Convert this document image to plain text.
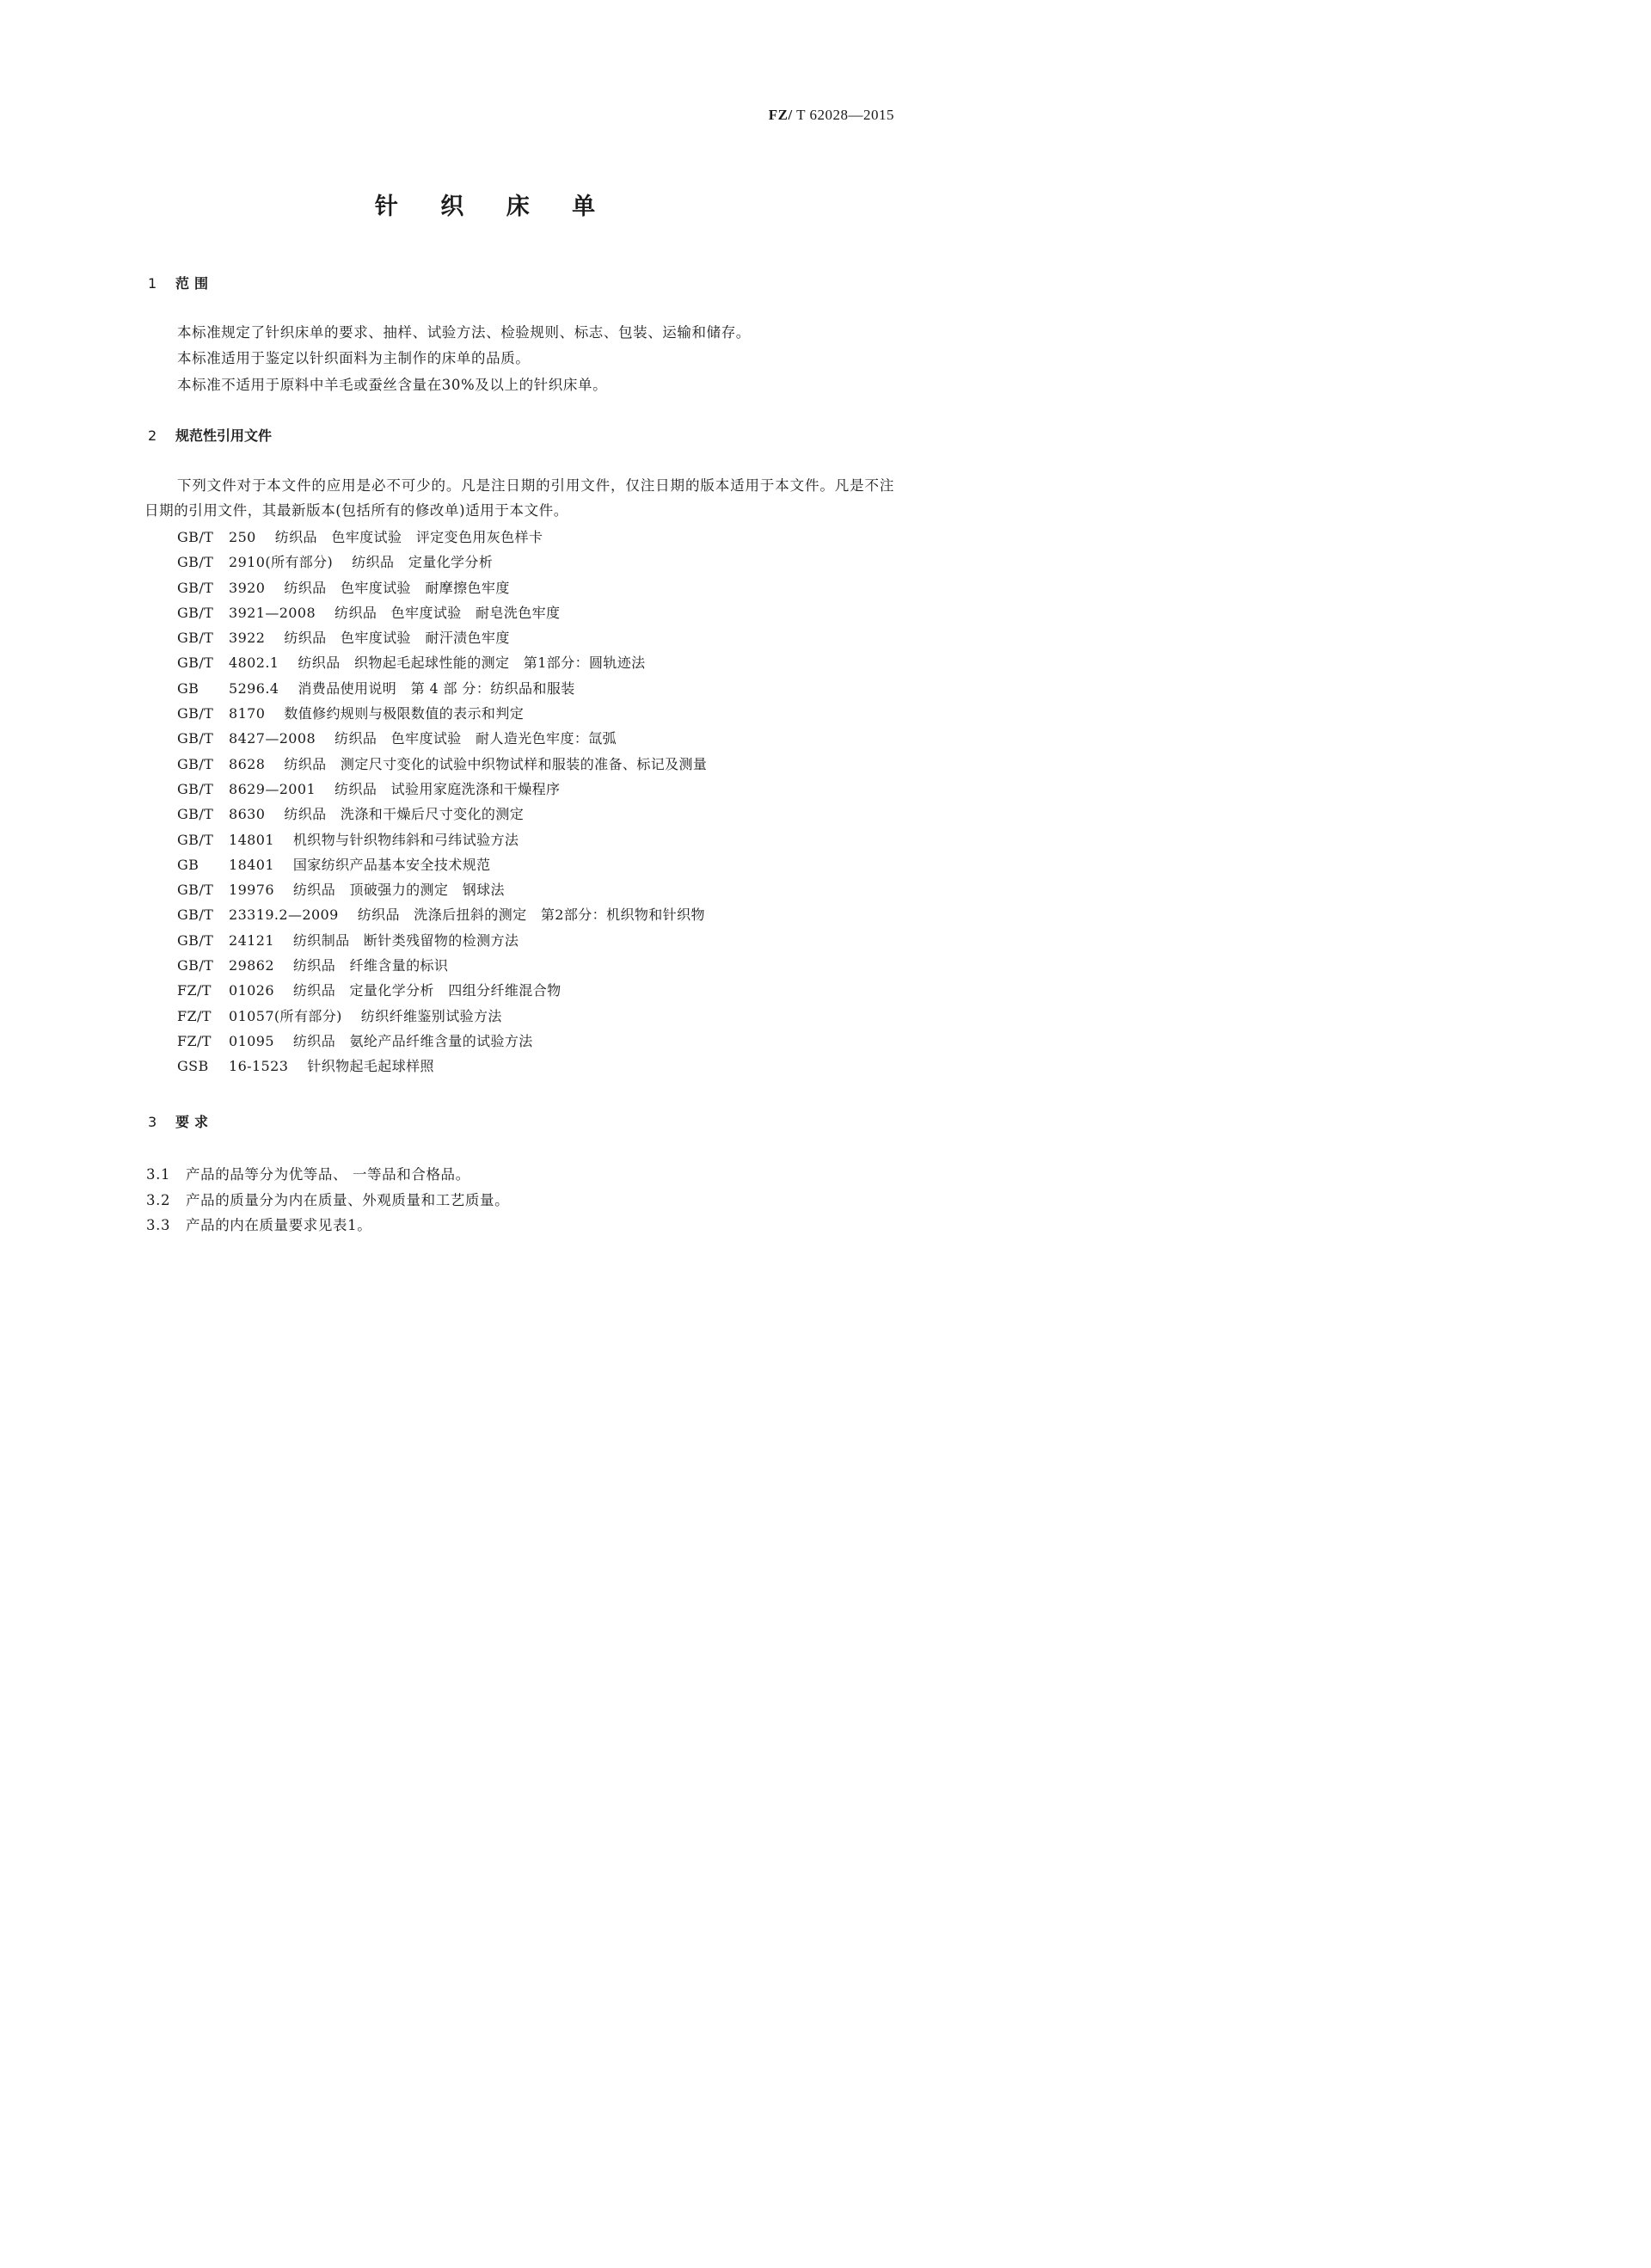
FZ/ T 62028—2015
针 织 床 单
1 范围
本标准规定了针织床单的要求、抽样、试验方法、检验规则、标志、包装、运输和储存。
本标准适用于鉴定以针织面料为主制作的床单的品质。
本标准不适用于原料中羊毛或蚕丝含量在30%及以上的针织床单。
2 规范性引用文件
下列文件对于本文件的应用是必不可少的。凡是注日期的引用文件，仅注日期的版本适用于本文件。凡是不注日期的引用文件，其最新版本(包括所有的修改单)适用于本文件。
GB/T 250 纺织品　色牢度试验　评定变色用灰色样卡
GB/T 2910(所有部分) 纺织品　定量化学分析
GB/T 3920 纺织品　色牢度试验　耐摩擦色牢度
GB/T 3921—2008 纺织品　色牢度试验　耐皂洗色牢度
GB/T 3922 纺织品　色牢度试验　耐汗渍色牢度
GB/T 4802.1 纺织品　织物起毛起球性能的测定　第1部分：圆轨迹法
GB 5296.4 消费品使用说明　第 4 部 分：纺织品和服装
GB/T 8170 数值修约规则与极限数值的表示和判定
GB/T 8427—2008 纺织品　色牢度试验　耐人造光色牢度：氙弧
GB/T 8628 纺织品　测定尺寸变化的试验中织物试样和服装的准备、标记及测量
GB/T 8629—2001 纺织品　试验用家庭洗涤和干燥程序
GB/T 8630 纺织品　洗涤和干燥后尺寸变化的测定
GB/T 14801 机织物与针织物纬斜和弓纬试验方法
GB 18401 国家纺织产品基本安全技术规范
GB/T 19976 纺织品　顶破强力的测定　钢球法
GB/T 23319.2—2009 纺织品　洗涤后扭斜的测定　第2部分：机织物和针织物
GB/T 24121 纺织制品　断针类残留物的检测方法
GB/T 29862 纺织品　纤维含量的标识
FZ/T 01026 纺织品　定量化学分析　四组分纤维混合物
FZ/T 01057(所有部分) 纺织纤维鉴别试验方法
FZ/T 01095 纺织品　氨纶产品纤维含量的试验方法
GSB 16-1523 针织物起毛起球样照
3 要求
3.1 产品的品等分为优等品、 一等品和合格品。
3.2 产品的质量分为内在质量、外观质量和工艺质量。
3.3 产品的内在质量要求见表1。
